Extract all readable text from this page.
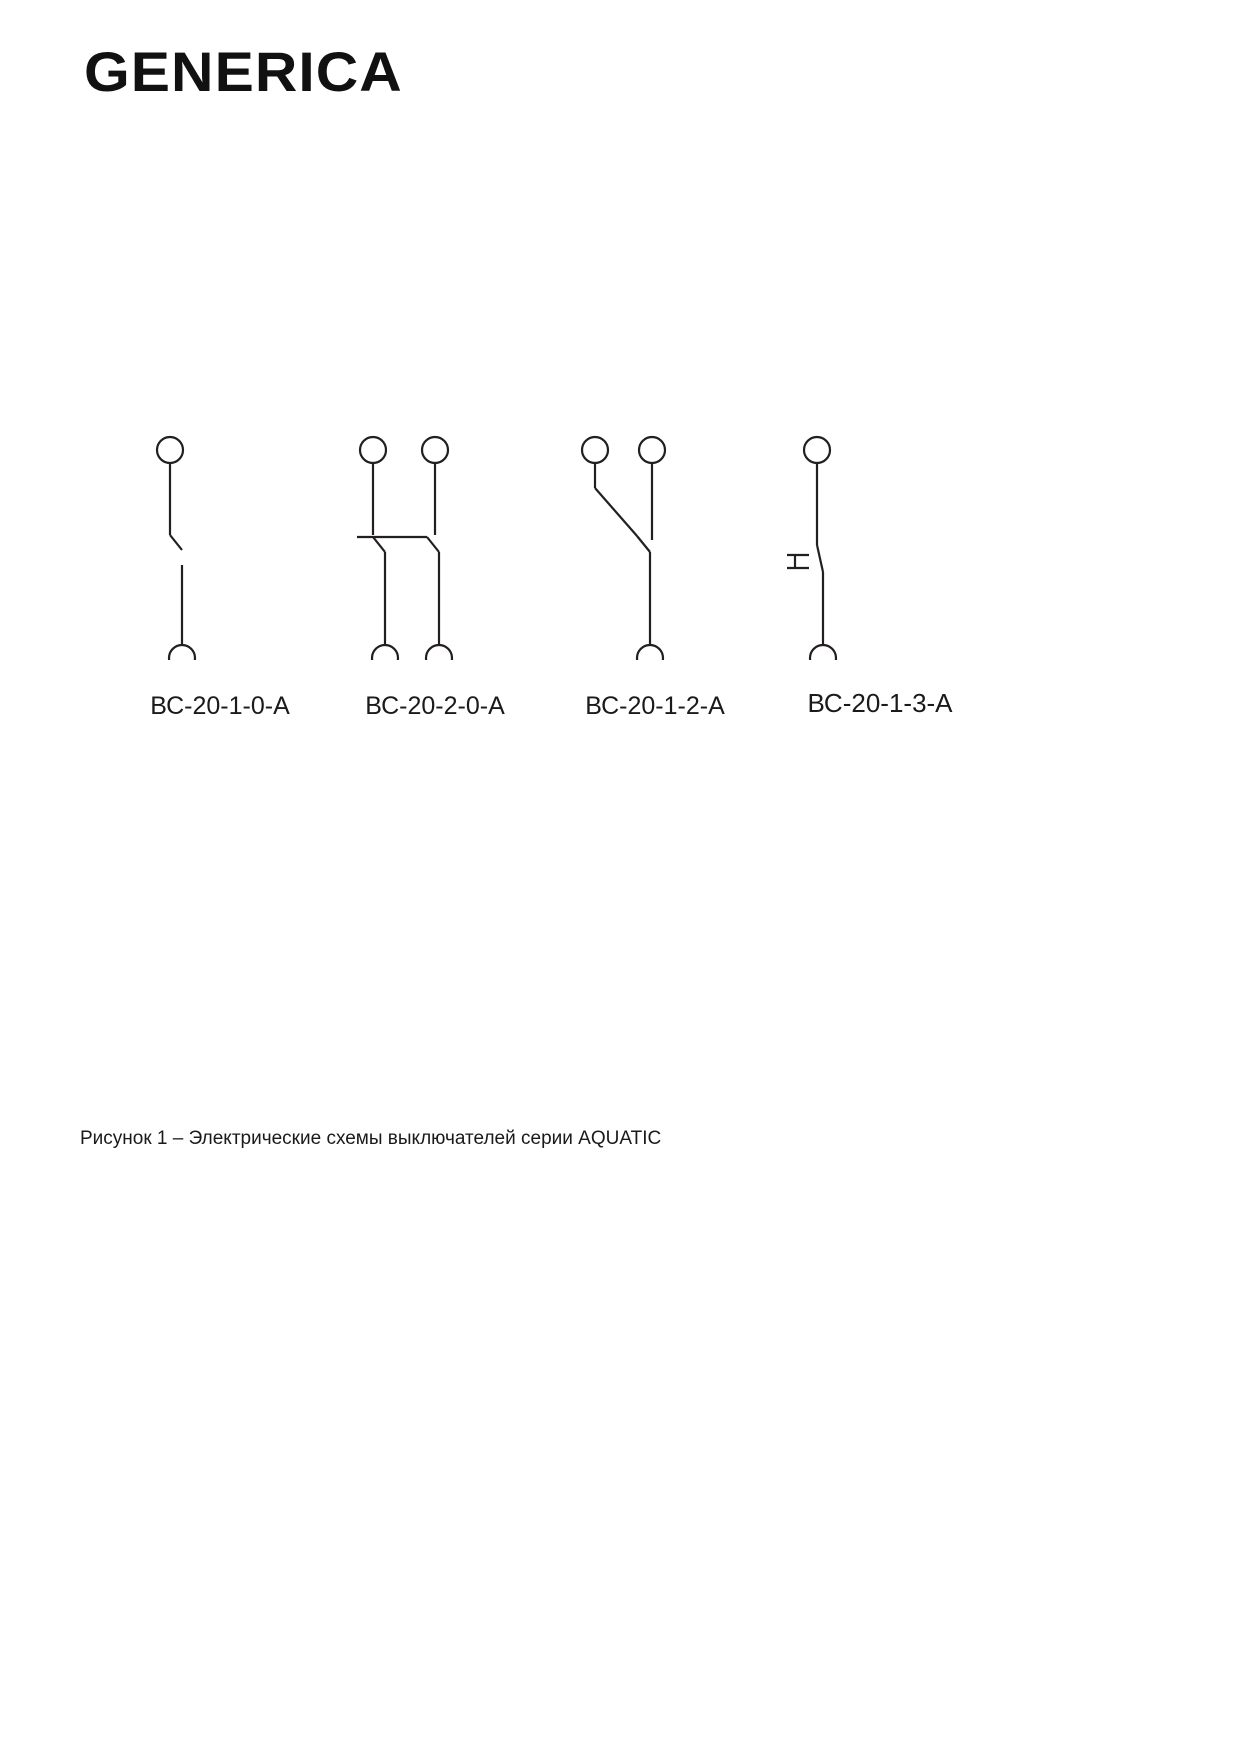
GENERICA
ВС-20-1-0-А	ВС-20-2-0-А	ВС-20-1-2-А	ВС-20-1-3-А
Рисунок 1 – Электрические схемы выключателей серии AQUATIC
